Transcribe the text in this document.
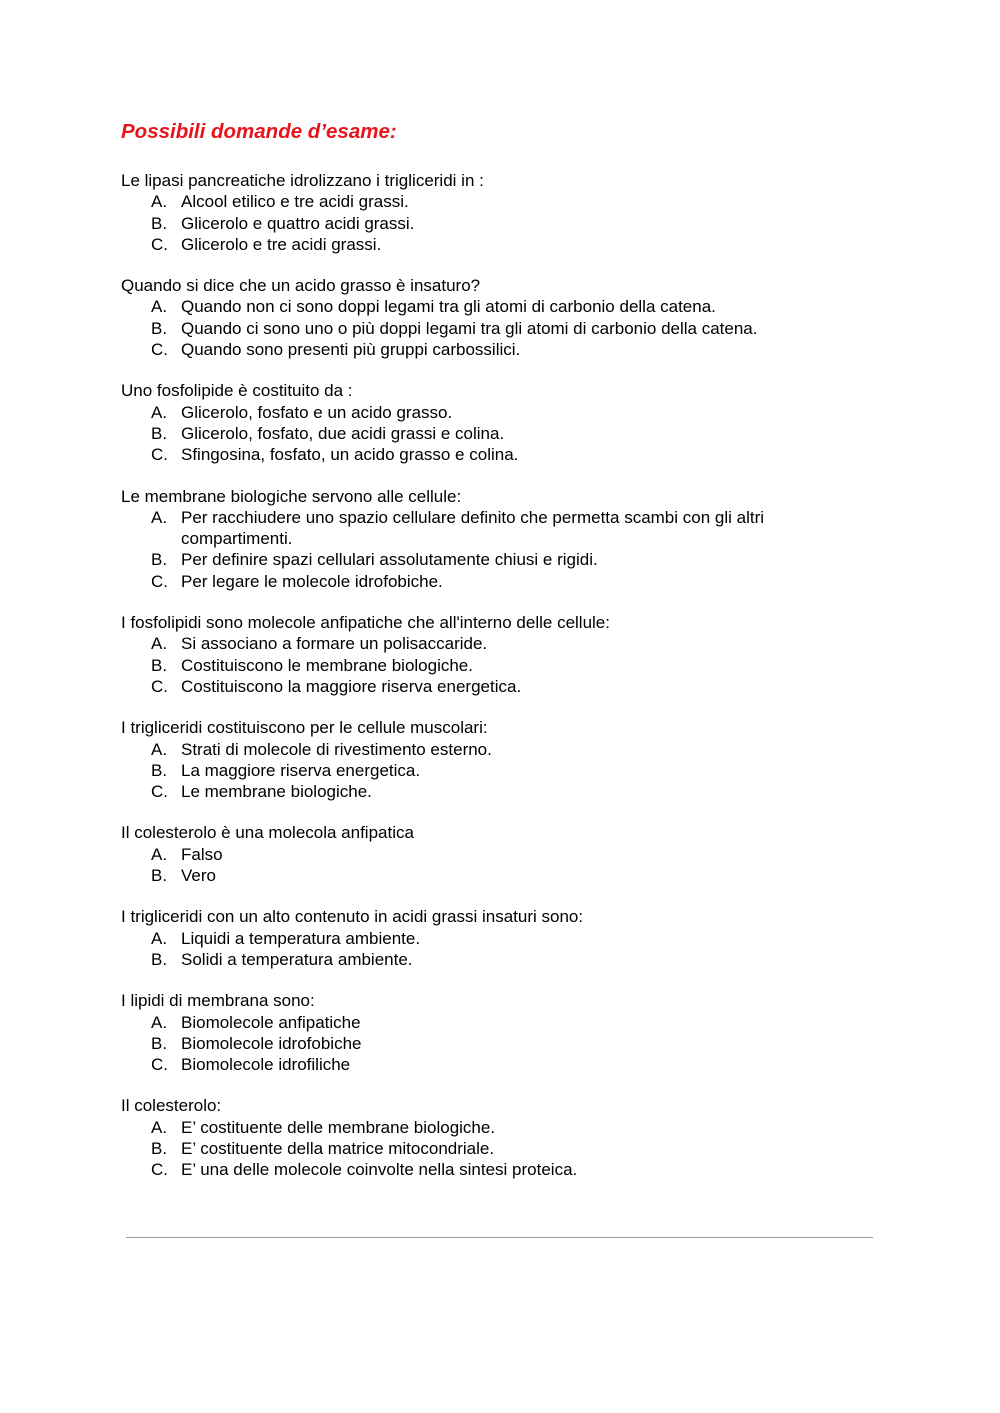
Possibili domande d’esame:

Le lipasi pancreatiche idrolizzano i trigliceridi in :

A. Alcool etilico e tre acidi grassi.
B. Glicerolo e quattro acidi grassi.
C. Glicerolo e tre acidi grassi.

Quando si dice che un acido grasso è insaturo?

A. Quando non ci sono doppi legami tra gli atomi di carbonio della catena.
B. Quando ci sono uno o più doppi legami tra gli atomi di carbonio della catena.
C. Quando sono presenti più gruppi carbossilici.

Uno fosfolipide è costituito da :

A. Glicerolo, fosfato e un acido grasso.
B. Glicerolo, fosfato, due acidi grassi e colina.
C. Sfingosina, fosfato, un acido grasso e colina.

Le membrane biologiche servono alle cellule:

A. Per racchiudere uno spazio cellulare definito che permetta scambi con gli altri compartimenti.
B. Per definire spazi cellulari assolutamente chiusi e rigidi.
C. Per legare le molecole idrofobiche.

I fosfolipidi sono molecole anfipatiche che all'interno delle cellule:

A. Si associano a formare un polisaccaride.
B. Costituiscono le membrane biologiche.
C. Costituiscono la maggiore riserva energetica.

I trigliceridi costituiscono per le cellule muscolari:

A. Strati di molecole di rivestimento esterno.
B. La maggiore riserva energetica.
C. Le membrane biologiche.

Il colesterolo è una molecola anfipatica

A. Falso
B. Vero

I trigliceridi con un alto contenuto in acidi grassi insaturi sono:

A. Liquidi a temperatura ambiente.
B. Solidi a temperatura ambiente.

I lipidi di membrana sono:

A. Biomolecole anfipatiche
B. Biomolecole idrofobiche
C. Biomolecole idrofiliche

Il colesterolo:

A. E’ costituente delle membrane biologiche.
B. E’ costituente della matrice mitocondriale.
C. E’ una delle molecole coinvolte nella sintesi proteica.
